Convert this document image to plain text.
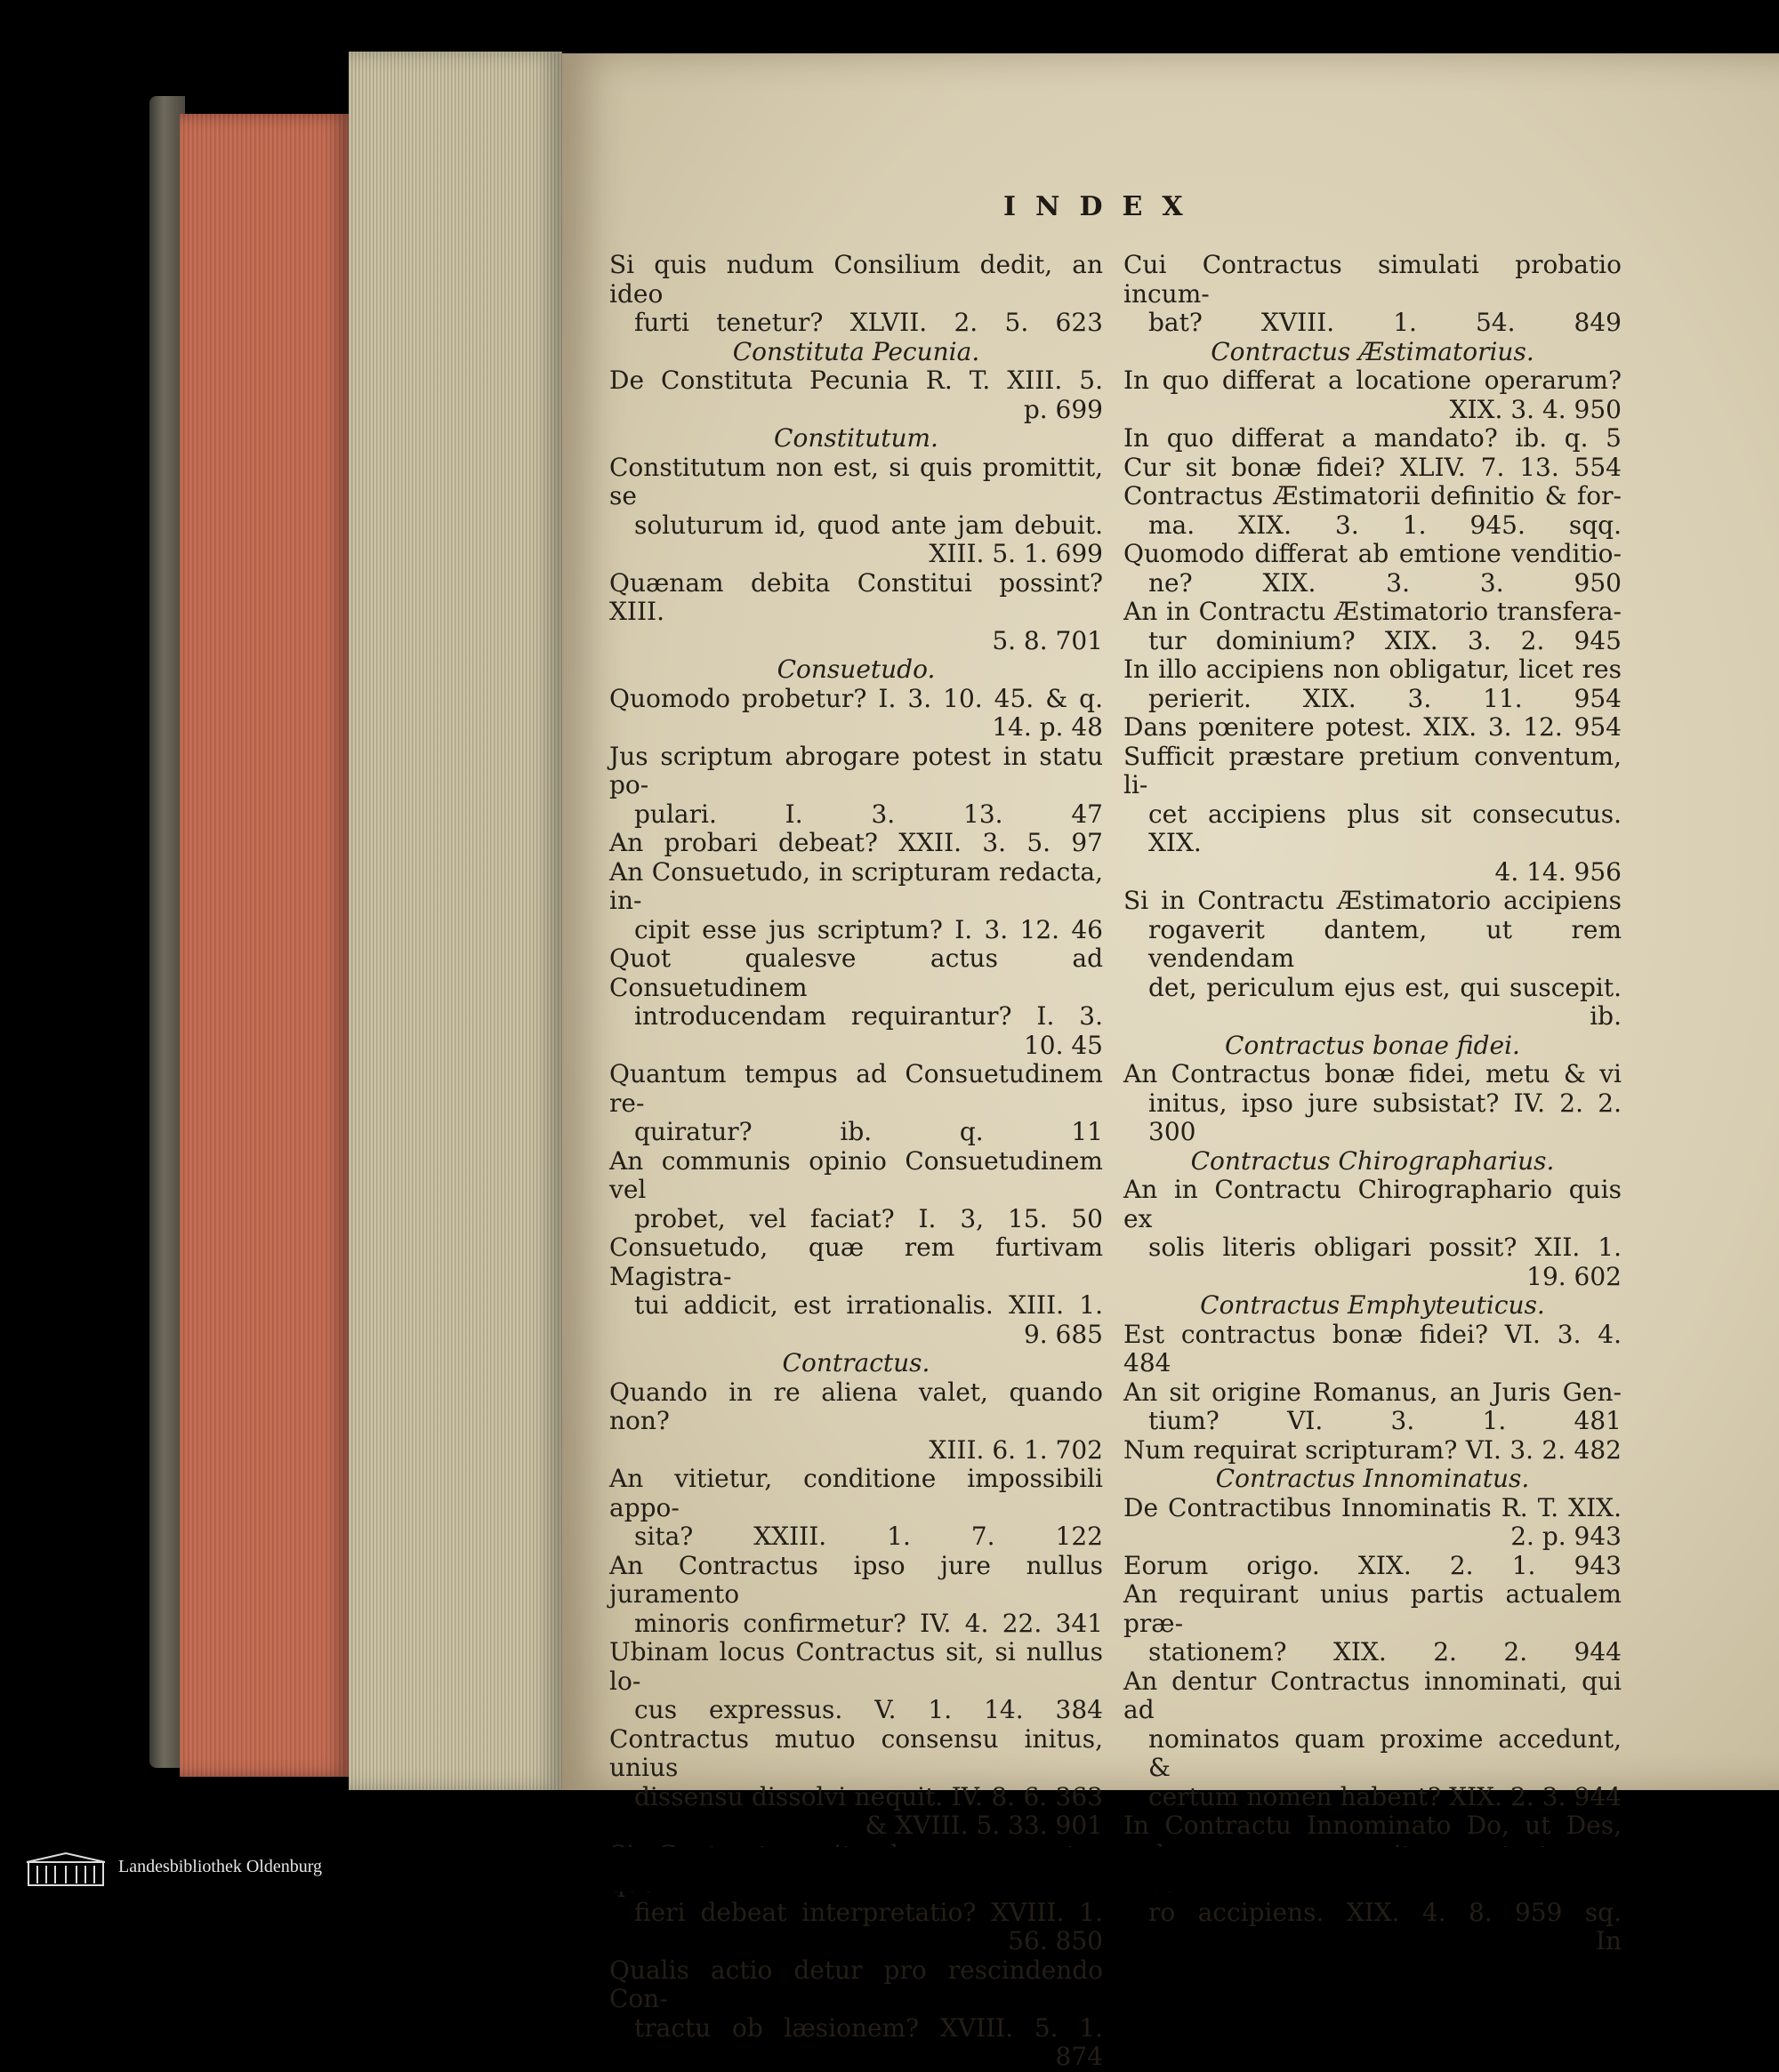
INDEX
Si quis nudum Consilium dedit, an ideo
furti tenetur? XLVII. 2. 5. 623
Constituta Pecunia.
De Constituta Pecunia R. T. XIII. 5.
p. 699
Constitutum.
Constitutum non est, si quis promittit, se
soluturum id, quod ante jam debuit.
XIII. 5. 1. 699
Quænam debita Constitui possint? XIII.
5. 8. 701
Consuetudo.
Quomodo probetur? I. 3. 10. 45. & q.
14. p. 48
Jus scriptum abrogare potest in statu po-
pulari. I. 3. 13. 47
An probari debeat? XXII. 3. 5. 97
An Consuetudo, in scripturam redacta, in-
cipit esse jus scriptum? I. 3. 12. 46
Quot qualesve actus ad Consuetudinem
introducendam requirantur? I. 3.
10. 45
Quantum tempus ad Consuetudinem re-
quiratur? ib. q. 11
An communis opinio Consuetudinem vel
probet, vel faciat? I. 3, 15. 50
Consuetudo, quæ rem furtivam Magistra-
tui addicit, est irrationalis. XIII. 1.
9. 685
Contractus.
Quando in re aliena valet, quando non?
XIII. 6. 1. 702
An vitietur, conditione impossibili appo-
sita? XXIII. 1. 7. 122
An Contractus ipso jure nullus juramento
minoris confirmetur? IV. 4. 22. 341
Ubinam locus Contractus sit, si nullus lo-
cus expressus. V. 1. 14. 384
Contractus mutuo consensu initus, unius
dissensu dissolvi nequit. IV. 8. 6. 363
& XVIII. 5. 33. 901
fieri debeat interpretatio? XVIII. 1.
56. 850
Qualis actio detur pro rescindendo Con-
tractu ob læsionem? XVIII. 5. 1.
874
Cui Contractus simulati probatio incum-
bat? XVIII. 1. 54. 849
Contractus Æstimatorius.
In quo differat a locatione operarum?
XIX. 3. 4. 950
In quo differat a mandato? ib. q. 5
Cur sit bonæ fidei? XLIV. 7. 13. 554
Contractus Æstimatorii definitio & for-
ma. XIX. 3. 1. 945. sqq.
Quomodo differat ab emtione venditio-
ne? XIX. 3. 3. 950
An in Contractu Æstimatorio transfera-
tur dominium? XIX. 3. 2. 945
In illo accipiens non obligatur, licet res
perierit. XIX. 3. 11. 954
Dans pœnitere potest. XIX. 3. 12. 954
Sufficit præstare pretium conventum, li-
cet accipiens plus sit consecutus. XIX.
4. 14. 956
Si in Contractu Æstimatorio accipiens
rogaverit dantem, ut rem vendendam
det, periculum ejus est, qui suscepit.
ib.
Contractus bonae fidei.
An Contractus bonæ fidei, metu & vi
initus, ipso jure subsistat? IV. 2. 2. 300
Contractus Chirographarius.
An in Contractu Chirographario quis ex
solis literis obligari possit? XII. 1.
19. 602
Contractus Emphyteuticus.
Est contractus bonæ fidei? VI. 3. 4. 484
An sit origine Romanus, an Juris Gen-
tium? VI. 3. 1. 481
Num requirat scripturam? VI. 3. 2. 482
Contractus Innominatus.
De Contractibus Innominatis R. T. XIX.
2. p. 943
Eorum origo. XIX. 2. 1. 943
An requirant unius partis actualem præ-
stationem? XIX. 2. 2. 944
An dentur Contractus innominati, qui ad
nominatos quam proxime accedunt, &
certum nomen habent? XIX. 2. 3. 944
In Contractu Innominato Do, ut Des,
ro accipiens. XIX. 4. 8. 959 sq.
In
Landesbibliothek Oldenburg
